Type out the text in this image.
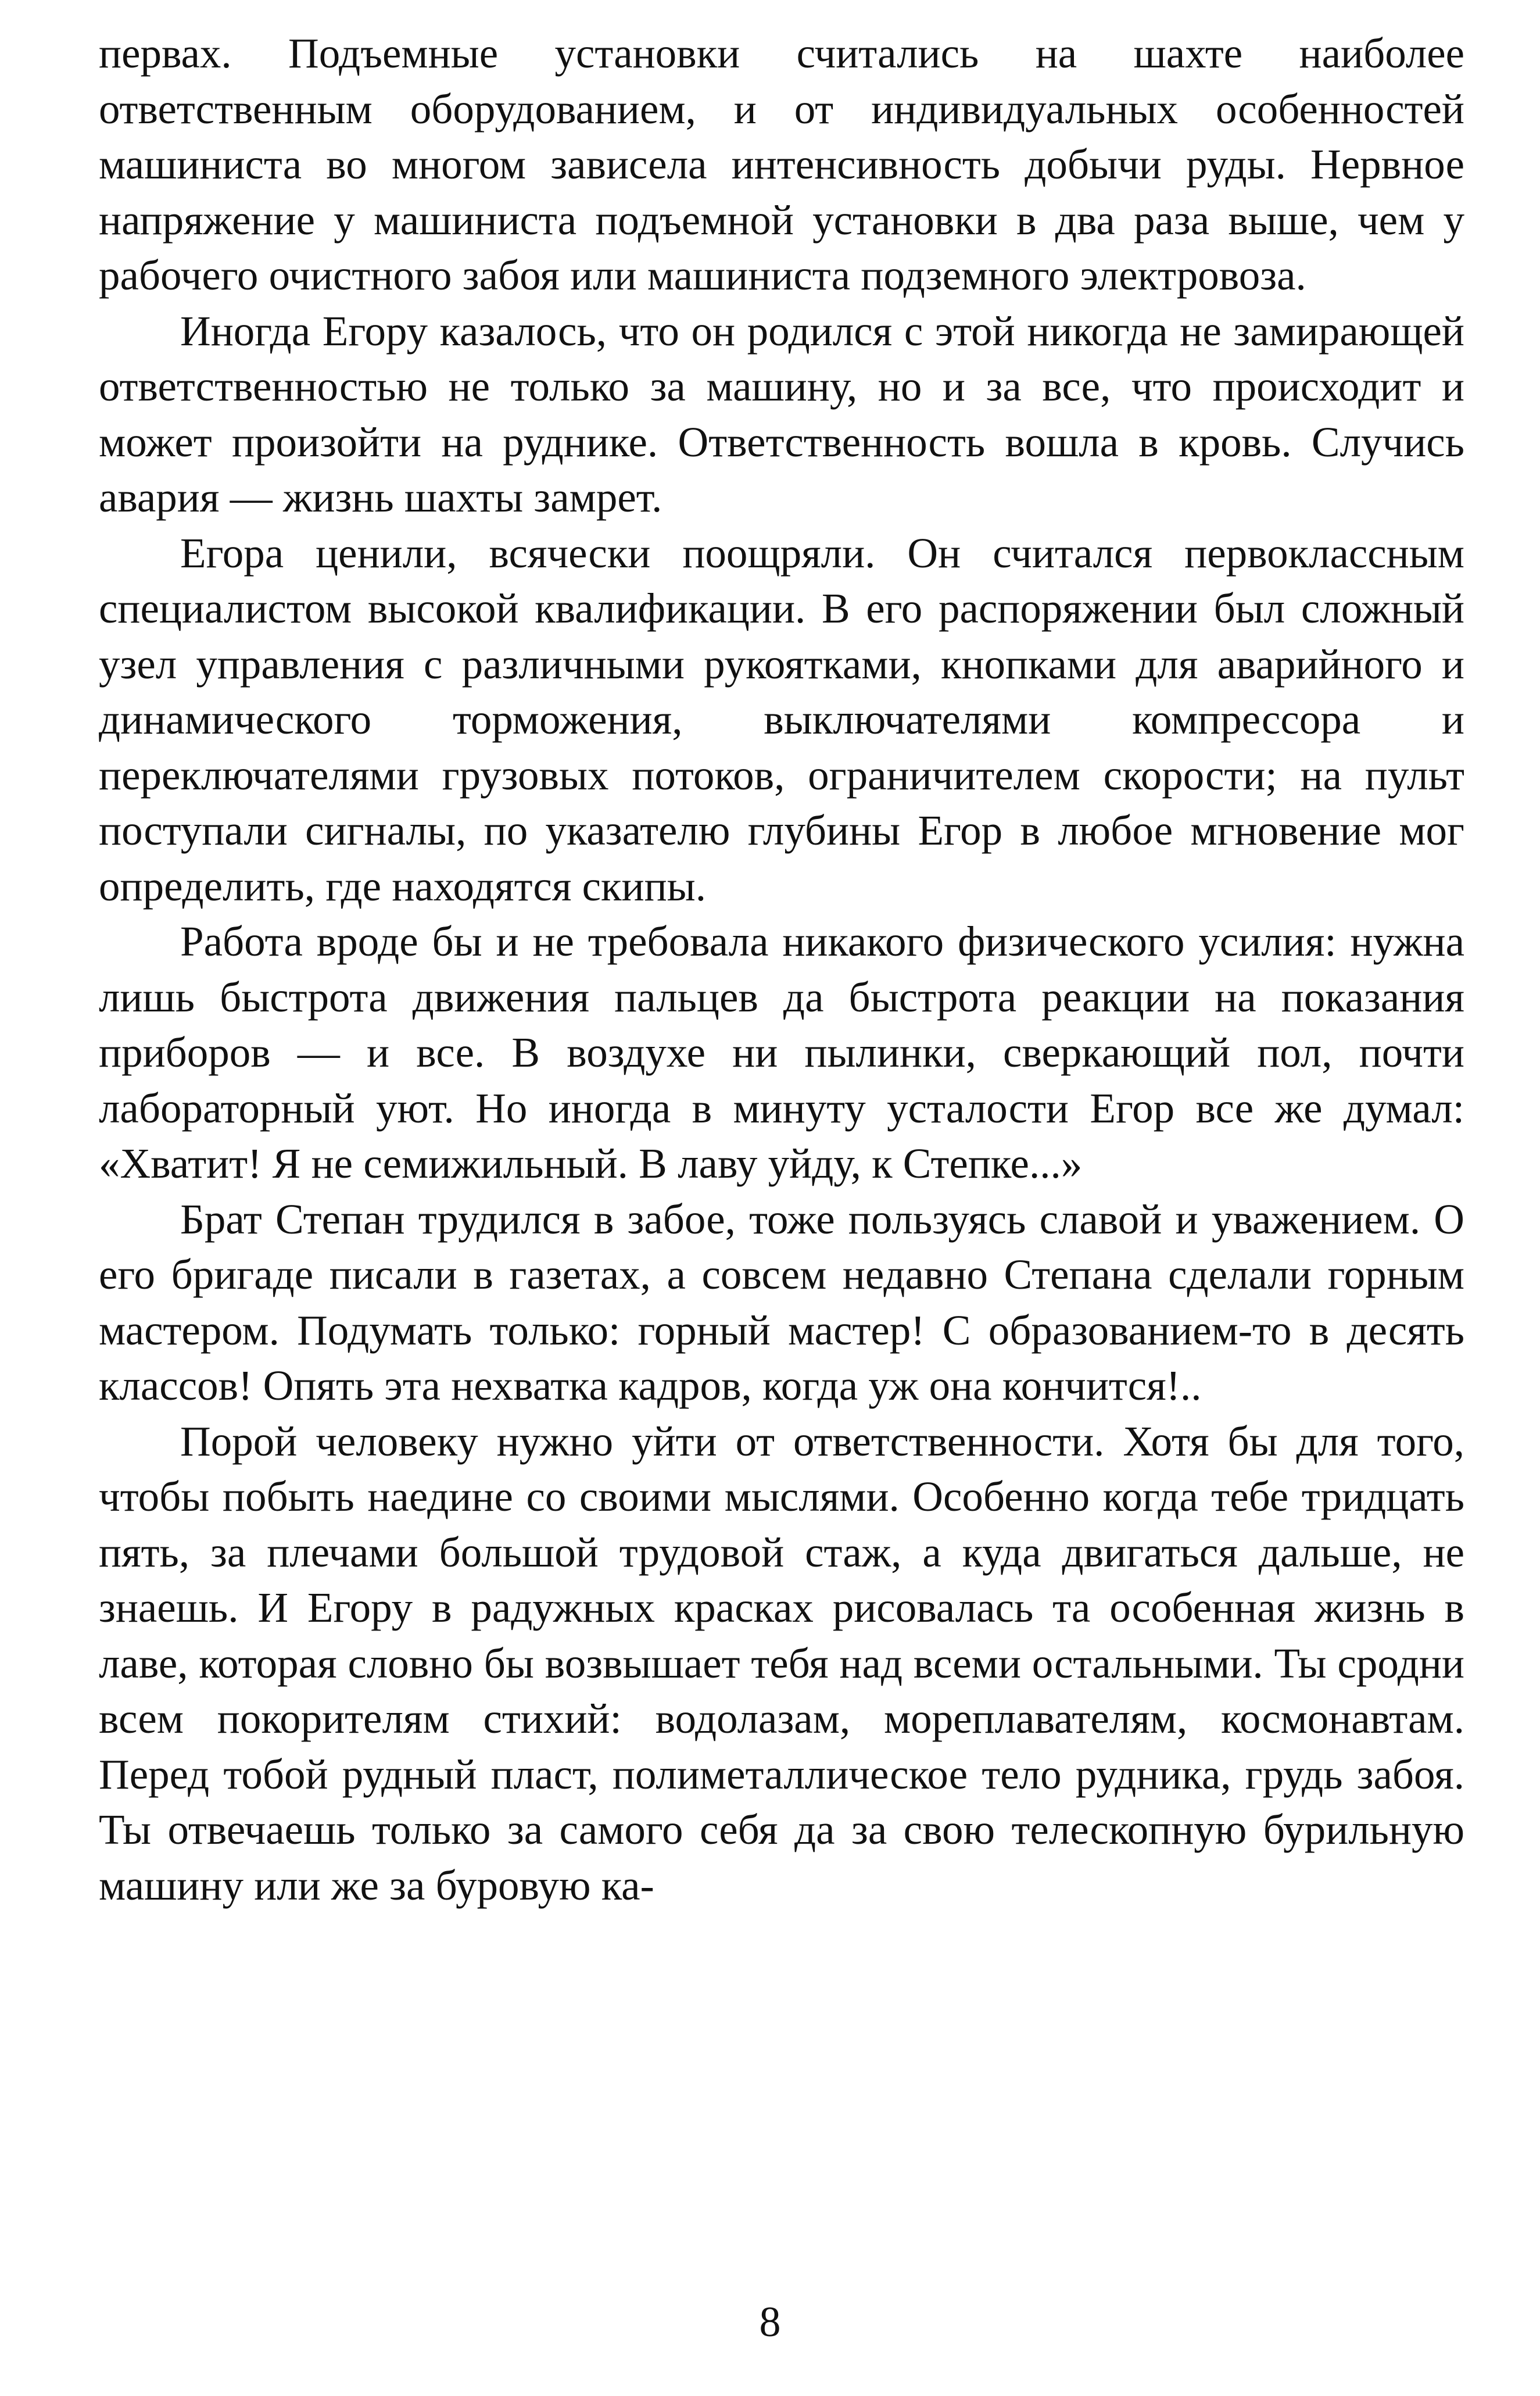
первах. Подъемные установки считались на шахте наиболее ответственным оборудованием, и от индивидуальных особенностей машиниста во многом зависела интенсивность добычи руды. Нервное напряжение у машиниста подъемной установки в два раза выше, чем у рабочего очистного забоя или машиниста подземного электровоза.

Иногда Егору казалось, что он родился с этой никогда не замирающей ответственностью не только за машину, но и за все, что происходит и может произойти на руднике. Ответственность вошла в кровь. Случись авария — жизнь шахты замрет.

Егора ценили, всячески поощряли. Он считался первоклассным специалистом высокой квалификации. В его распоряжении был сложный узел управления с различными рукоятками, кнопками для аварийного и динамического торможения, выключателями компрессора и переключателями грузовых потоков, ограничителем скорости; на пульт поступали сигналы, по указателю глубины Егор в любое мгновение мог определить, где находятся скипы.

Работа вроде бы и не требовала никакого физического усилия: нужна лишь быстрота движения пальцев да быстрота реакции на показания приборов — и все. В воздухе ни пылинки, сверкающий пол, почти лабораторный уют. Но иногда в минуту усталости Егор все же думал: «Хватит! Я не семижильный. В лаву уйду, к Степке...»

Брат Степан трудился в забое, тоже пользуясь славой и уважением. О его бригаде писали в газетах, а совсем недавно Степана сделали горным мастером. Подумать только: горный мастер! С образованием-то в десять классов! Опять эта нехватка кадров, когда уж она кончится!..

Порой человеку нужно уйти от ответственности. Хотя бы для того, чтобы побыть наедине со своими мыслями. Особенно когда тебе тридцать пять, за плечами большой трудовой стаж, а куда двигаться дальше, не знаешь. И Егору в радужных красках рисовалась та особенная жизнь в лаве, которая словно бы возвышает тебя над всеми остальными. Ты сродни всем покорителям стихий: водолазам, мореплавателям, космонавтам. Перед тобой рудный пласт, полиметаллическое тело рудника, грудь забоя. Ты отвечаешь только за самого себя да за свою телескопную бурильную машину или же за буровую ка-

8
